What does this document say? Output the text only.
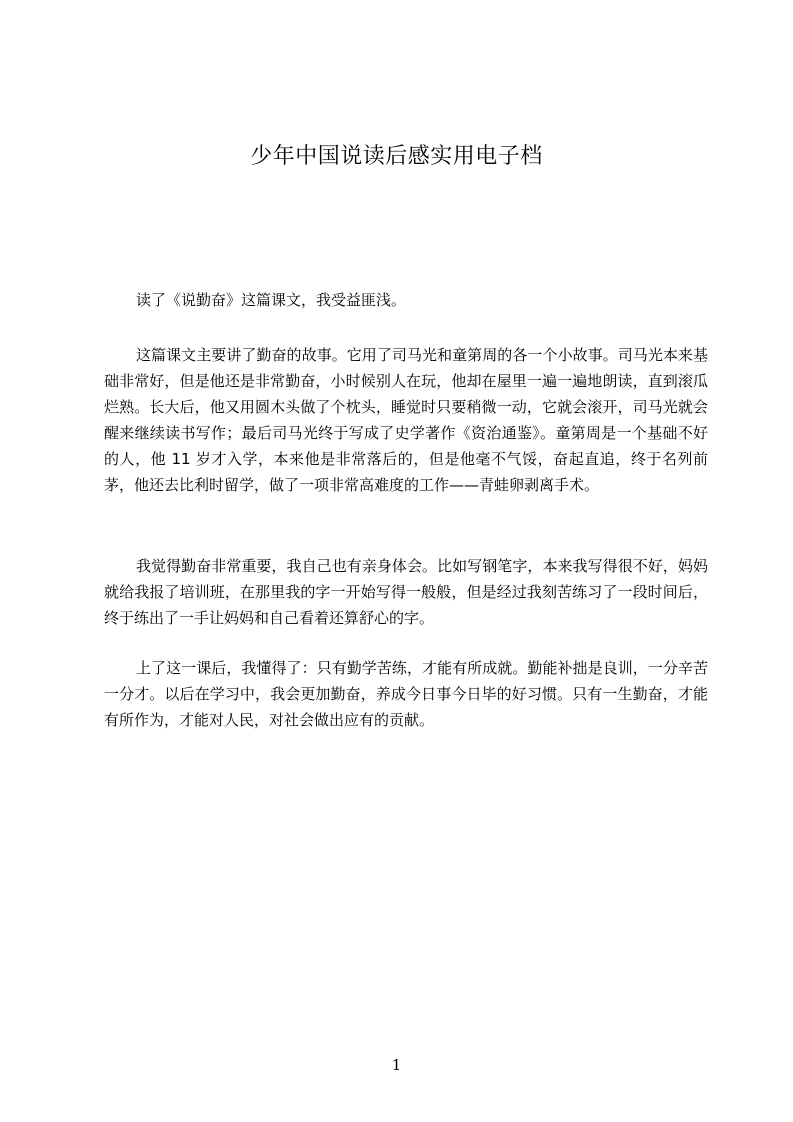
少年中国说读后感实用电子档

读了《说勤奋》这篇课文，我受益匪浅。

这篇课文主要讲了勤奋的故事。它用了司马光和童第周的各一个小故事。司马光本来基础非常好，但是他还是非常勤奋，小时候别人在玩，他却在屋里一遍一遍地朗读，直到滚瓜烂熟。长大后，他又用圆木头做了个枕头，睡觉时只要稍微一动，它就会滚开，司马光就会醒来继续读书写作；最后司马光终于写成了史学著作《资治通鉴》。童第周是一个基础不好的人，他 11 岁才入学，本来他是非常落后的，但是他毫不气馁，奋起直追，终于名列前茅，他还去比利时留学，做了一项非常高难度的工作——青蛙卵剥离手术。

我觉得勤奋非常重要，我自己也有亲身体会。比如写钢笔字，本来我写得很不好，妈妈就给我报了培训班，在那里我的字一开始写得一般般，但是经过我刻苦练习了一段时间后，终于练出了一手让妈妈和自己看着还算舒心的字。

上了这一课后，我懂得了：只有勤学苦练，才能有所成就。勤能补拙是良训，一分辛苦一分才。以后在学习中，我会更加勤奋，养成今日事今日毕的好习惯。只有一生勤奋，才能有所作为，才能对人民，对社会做出应有的贡献。

1
